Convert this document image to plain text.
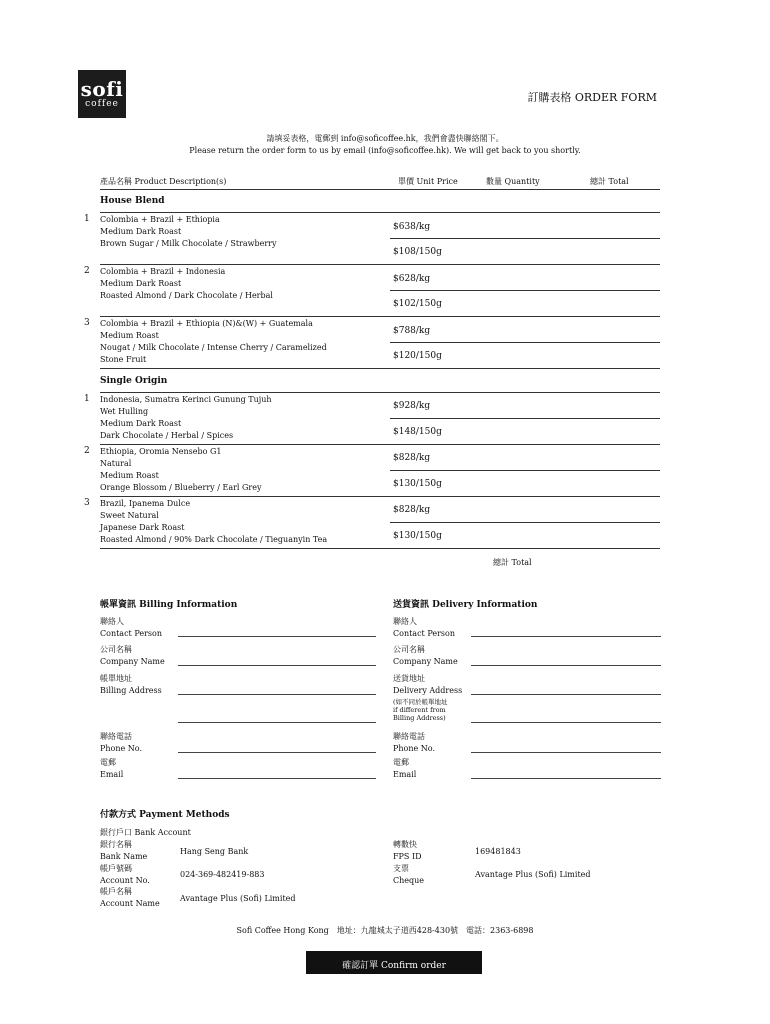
sofi
coffee	訂購表格 ORDER FORM
請填妥表格，電郵到 info@soficoffee.hk，我們會盡快聯絡閣下。
Please return the order form to us by email (info@soficoffee.hk). We will get back to you shortly.
產品名稱 Product Description(s)	單價 Unit Price	數量 Quantity	總計 Total
House Blend
1 Colombia + Brazil + Ethiopia
Medium Dark Roast
Brown Sugar / Milk Chocolate / Strawberry
$638/kg
$108/150g
2 Colombia + Brazil + Indonesia
Medium Dark Roast
Roasted Almond / Dark Chocolate / Herbal
$628/kg
$102/150g
3 Colombia + Brazil + Ethiopia (N)&(W) + Guatemala
Medium Roast
Nougat / Milk Chocolate / Intense Cherry / Caramelized
Stone Fruit
$788/kg
$120/150g
Single Origin
1 Indonesia, Sumatra Kerinci Gunung Tujuh
Wet Hulling
Medium Dark Roast
Dark Chocolate / Herbal / Spices
$928/kg
$148/150g
2 Ethiopia, Oromia Nensebo G1
Natural
Medium Roast
Orange Blossom / Blueberry / Earl Grey
$828/kg
$130/150g
3 Brazil, Ipanema Dulce
Sweet Natural
Japanese Dark Roast
Roasted Almond / 90% Dark Chocolate / Tieguanyin Tea
$828/kg
$130/150g
總計 Total
帳單資訊 Billing Information
聯絡人
Contact Person
公司名稱
Company Name
帳單地址
Billing Address
聯絡電話
Phone No.
電郵
Email
送貨資訊 Delivery Information
聯絡人
Contact Person
公司名稱
Company Name
送貨地址
Delivery Address
(如不同於帳單地址
if different from
Billing Address)
聯絡電話
Phone No.
電郵
Email
付款方式 Payment Methods
銀行戶口 Bank Account
銀行名稱
Bank Name
Hang Seng Bank
帳戶號碼
Account No.
024-369-482419-883
帳戶名稱
Account Name
Avantage Plus (Sofi) Limited
轉數快
FPS ID
169481843
支票
Cheque
Avantage Plus (Sofi) Limited
Sofi Coffee Hong Kong　地址：九龍城太子道西428-430號　電話：2363-6898
確認訂單 Confirm order
